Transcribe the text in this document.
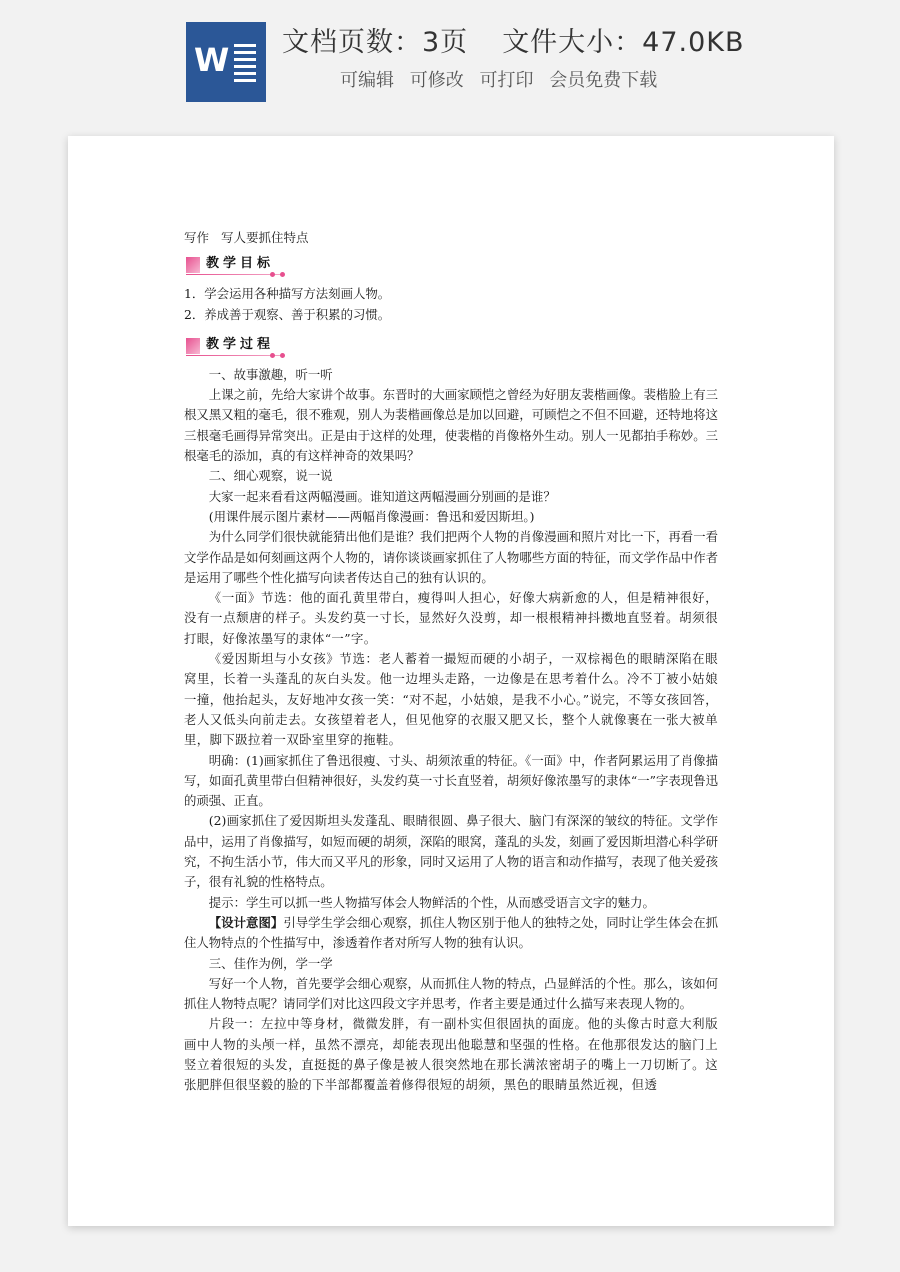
W 文档页数：3页 文件大小：47.0KB
可编辑 可修改 可打印 会员免费下载

写作 写人要抓住特点

教学目标

1．学会运用各种描写方法刻画人物。

2．养成善于观察、善于积累的习惯。

教学过程

一、故事激趣，听一听

上课之前，先给大家讲个故事。东晋时的大画家顾恺之曾经为好朋友裴楷画像。裴楷脸上有三根又黑又粗的毫毛，很不雅观，别人为裴楷画像总是加以回避，可顾恺之不但不回避，还特地将这三根毫毛画得异常突出。正是由于这样的处理，使裴楷的肖像格外生动。别人一见都拍手称妙。三根毫毛的添加，真的有这样神奇的效果吗？

二、细心观察，说一说

大家一起来看看这两幅漫画。谁知道这两幅漫画分别画的是谁？

(用课件展示图片素材——两幅肖像漫画：鲁迅和爱因斯坦。)

为什么同学们很快就能猜出他们是谁？我们把两个人物的肖像漫画和照片对比一下，再看一看文学作品是如何刻画这两个人物的，请你谈谈画家抓住了人物哪些方面的特征，而文学作品中作者是运用了哪些个性化描写向读者传达自己的独有认识的。

《一面》节选：他的面孔黄里带白，瘦得叫人担心，好像大病新愈的人，但是精神很好，没有一点颓唐的样子。头发约莫一寸长，显然好久没剪，却一根根精神抖擞地直竖着。胡须很打眼，好像浓墨写的隶体“一”字。

《爱因斯坦与小女孩》节选：老人蓄着一撮短而硬的小胡子，一双棕褐色的眼睛深陷在眼窝里，长着一头蓬乱的灰白头发。他一边埋头走路，一边像是在思考着什么。冷不丁被小姑娘一撞，他抬起头，友好地冲女孩一笑：“对不起，小姑娘，是我不小心。”说完，不等女孩回答，老人又低头向前走去。女孩望着老人，但见他穿的衣服又肥又长，整个人就像裹在一张大被单里，脚下趿拉着一双卧室里穿的拖鞋。

明确：(1)画家抓住了鲁迅很瘦、寸头、胡须浓重的特征。《一面》中，作者阿累运用了肖像描写，如面孔黄里带白但精神很好，头发约莫一寸长直竖着，胡须好像浓墨写的隶体“一”字表现鲁迅的顽强、正直。

(2)画家抓住了爱因斯坦头发蓬乱、眼睛很圆、鼻子很大、脑门有深深的皱纹的特征。文学作品中，运用了肖像描写，如短而硬的胡须，深陷的眼窝，蓬乱的头发，刻画了爱因斯坦潜心科学研究，不拘生活小节，伟大而又平凡的形象，同时又运用了人物的语言和动作描写，表现了他关爱孩子，很有礼貌的性格特点。

提示：学生可以抓一些人物描写体会人物鲜活的个性，从而感受语言文字的魅力。

【设计意图】引导学生学会细心观察，抓住人物区别于他人的独特之处，同时让学生体会在抓住人物特点的个性描写中，渗透着作者对所写人物的独有认识。

三、佳作为例，学一学

写好一个人物，首先要学会细心观察，从而抓住人物的特点，凸显鲜活的个性。那么，该如何抓住人物特点呢？请同学们对比这四段文字并思考，作者主要是通过什么描写来表现人物的。

片段一：左拉中等身材，微微发胖，有一副朴实但很固执的面庞。他的头像古时意大利版画中人物的头颅一样，虽然不漂亮，却能表现出他聪慧和坚强的性格。在他那很发达的脑门上竖立着很短的头发，直挺挺的鼻子像是被人很突然地在那长满浓密胡子的嘴上一刀切断了。这张肥胖但很坚毅的脸的下半部都覆盖着修得很短的胡须，黑色的眼睛虽然近视，但透
